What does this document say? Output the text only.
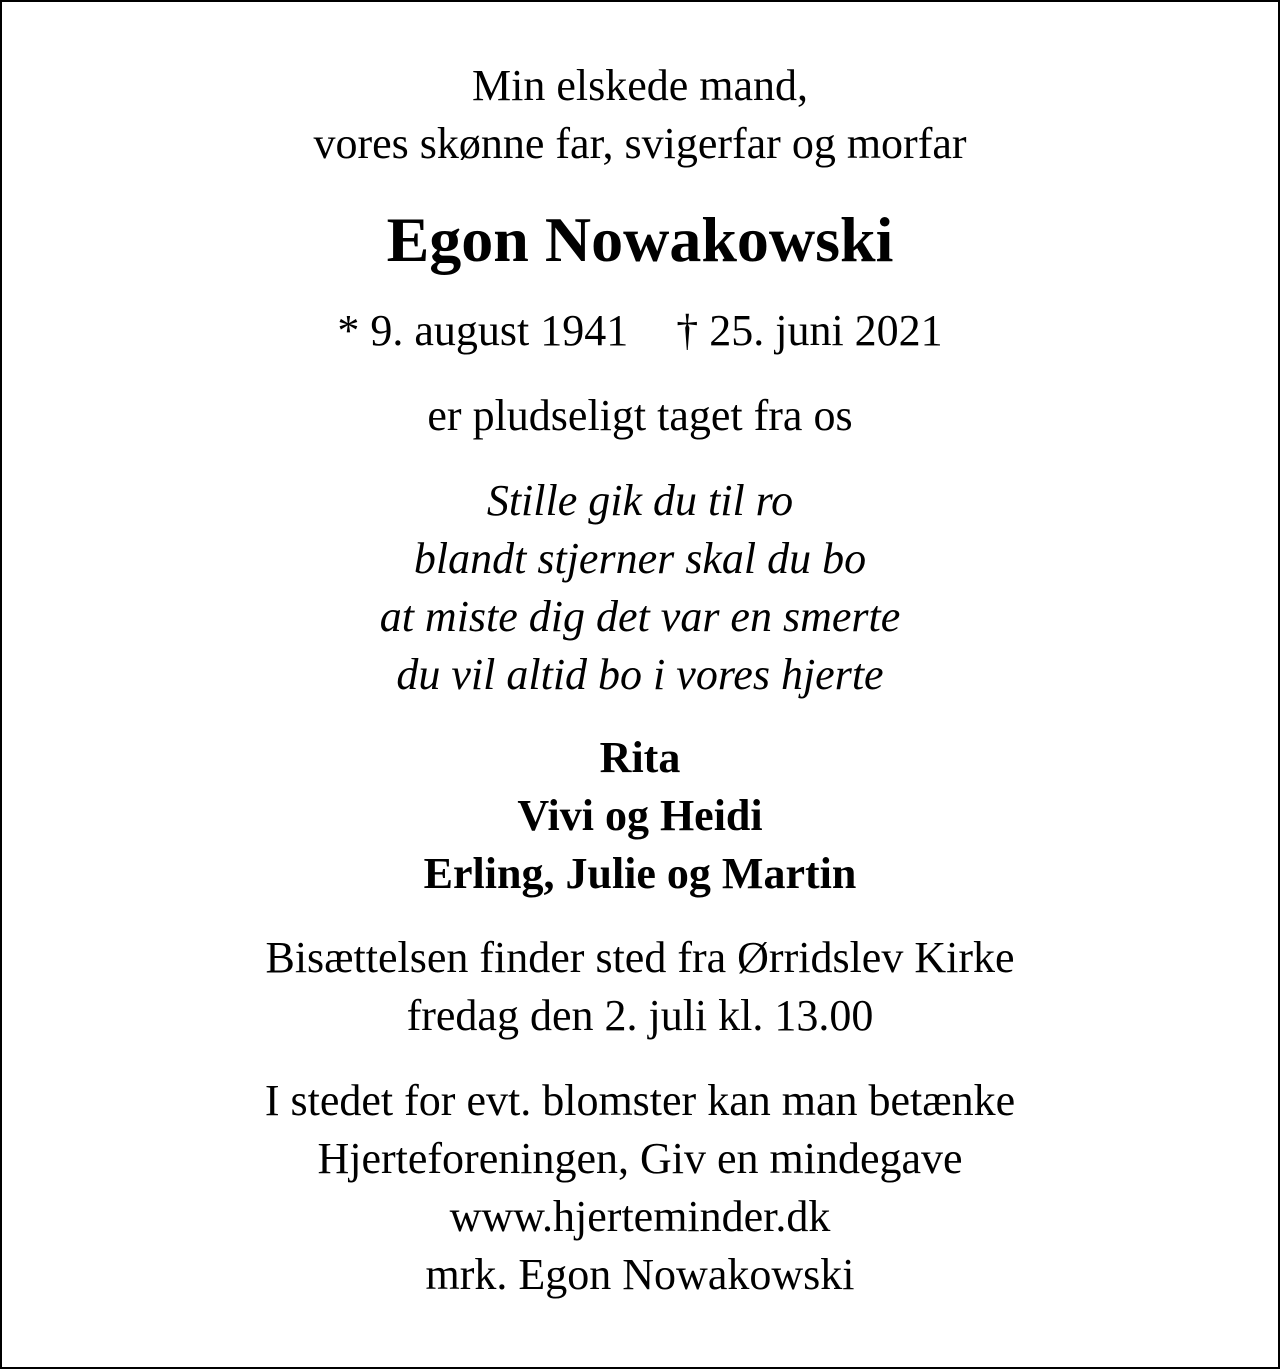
Min elskede mand,

vores skønne far, svigerfar og morfar

Egon Nowakowski

* 9. august 1941 † 25. juni 2021

er pludseligt taget fra os

Stille gik du til ro

blandt stjerner skal du bo

at miste dig det var en smerte

du vil altid bo i vores hjerte

Rita

Vivi og Heidi

Erling, Julie og Martin

Bisættelsen finder sted fra Ørridslev Kirke

fredag den 2. juli kl. 13.00

I stedet for evt. blomster kan man betænke

Hjerteforeningen, Giv en mindegave

www.hjerteminder.dk

mrk. Egon Nowakowski
